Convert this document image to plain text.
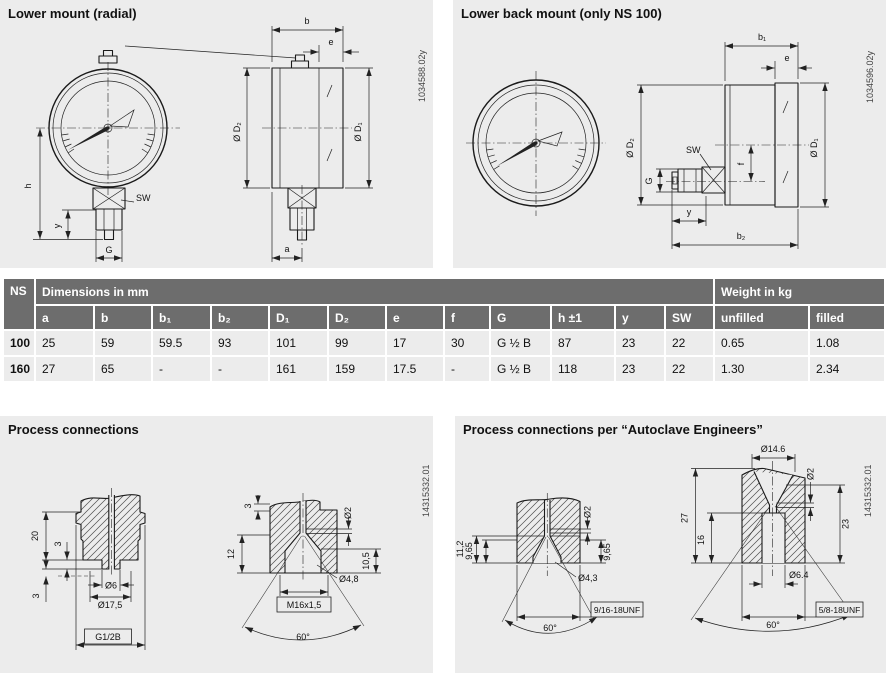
Lower mount (radial)
1034588.02y
h
y
G
SW
b
e
Ø D₂	Ø D₁
a
Lower back mount (only NS 100)
1034596.02y
b₁
e
Ø D₂	Ø D₁
SW
f
G
y
b₂
NS	Dimensions in mm												Weight in kg	
	a	b	b₁	b₂	D₁	D₂	e	f	G	h ±1	y	SW	unfilled	filled
100	25	59	59.5	93	101	99	17	30	G ½ B	87	23	22	0.65	1.08
160	27	65	-	-	161	159	17.5	-	G ½ B	118	23	22	1.30	2.34
Process connections
14315332.01
20
3
3
Ø6
Ø17,5
G1/2B	60°
3
12
Ø2
10,5
Ø4,8
M16x1,5
Process connections per “Autoclave Engineers”
14315332.01
60°
11,2 9,65
Ø2
9,65
Ø4,3
9/16-18UNF
60°
Ø14.6
Ø2
27
16
23
Ø6.4
5/8-18UNF
